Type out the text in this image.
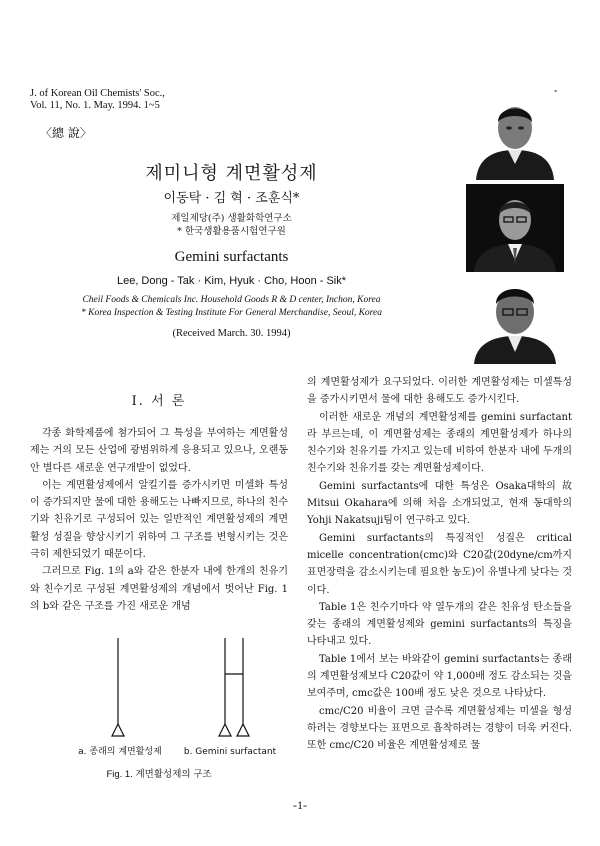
J. of Korean Oil Chemists' Soc.,
Vol. 11, No. 1. May. 1994. 1~5
〈總 說〉
제미니형 계면활성제
이동탁 · 김 혁 · 조훈식*
제일제당(주) 생활화학연구소
* 한국생활용품시험연구원
Gemini surfactants
Lee, Dong - Tak · Kim, Hyuk · Cho, Hoon - Sik*
Cheil Foods & Chemicals Inc. Household Goods R & D center, Inchon, Korea
* Korea Inspection & Testing Institute For General Merchandise, Seoul, Korea
(Received March. 30. 1994)
I. 서 론

각종 화학제품에 첨가되어 그 특성을 부여하는 계면활성제는 거의 모든 산업에 광범위하게 응용되고 있으나, 오랜동안 별다른 새로운 연구개발이 없었다.

이는 계면활성제에서 알킬기를 증가시키면 미셀화 특성이 증가되지만 물에 대한 용해도는 나빠지므로, 하나의 친수기와 친유기로 구성되어 있는 일반적인 계면활성제의 계면활성 성질을 향상시키기 위하여 그 구조를 변형시키는 것은 극히 제한되었기 때문이다.

그러므로 Fig. 1의 a와 같은 한분자 내에 한개의 친유기와 친수기로 구성된 계면활성제의 개념에서 벗어난 Fig. 1의 b와 같은 구조를 가진 새로운 개념

의 계면활성제가 요구되었다. 이러한 계면활성제는 미셀특성을 증가시키면서 물에 대한 용해도도 증가시킨다.

이러한 새로운 개념의 계면활성제를 gemini surfactant라 부르는데, 이 계면활성제는 종래의 계면활성제가 하나의 친수기와 친유기를 가지고 있는데 비하여 한분자 내에 두개의 친수기와 친유기를 갖는 계면활성제이다.

Gemini surfactants에 대한 특성은 Osaka대학의 故 Mitsui Okahara에 의해 처음 소개되었고, 현재 동대학의 Yohji Nakatsuji팀이 연구하고 있다.

Gemini surfactants의 특징적인 성질은 critical micelle concentration(cmc)와 C20값(20dyne/cm까지 표면장력을 감소시키는데 필요한 농도)이 유별나게 낮다는 것이다.

Table 1은 친수기마다 약 열두개의 같은 친유성 탄소들을 갖는 종래의 계면활성제와 gemini surfactants의 특징을 나타내고 있다.

Table 1에서 보는 바와같이 gemini surfactants는 종래의 계면활성제보다 C20값이 약 1,000배 정도 감소되는 것을 보여주며, cmc값은 100배 정도 낮은 것으로 나타났다.

cmc/C20 비율이 크면 클수록 계면활성제는 미셀을 형성하려는 경향보다는 표면으로 흡착하려는 경향이 더욱 커진다. 또한 cmc/C20 비율은 계면활성제로 물

a. 종래의 계면활성제 b. Gemini surfactant
Fig. 1. 계면활성제의 구조
-1-
